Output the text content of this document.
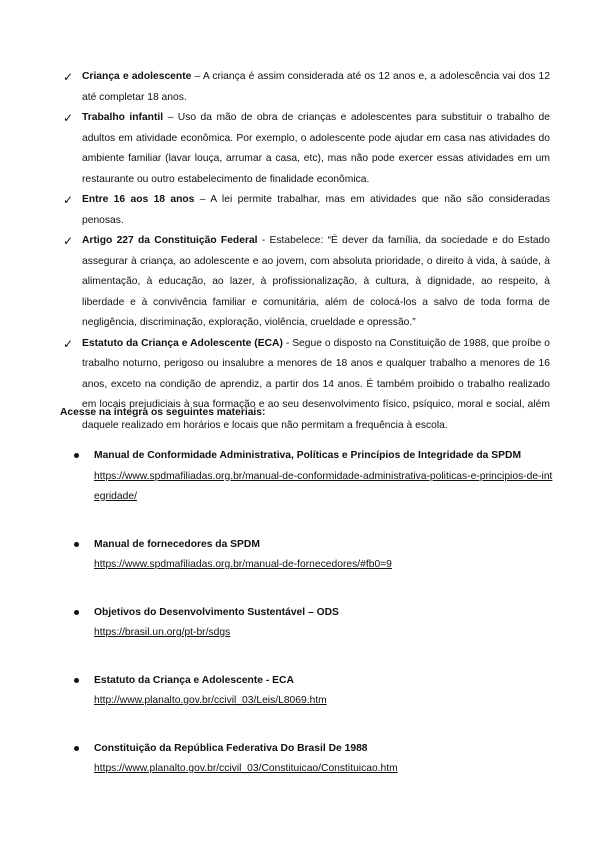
✓ Criança e adolescente – A criança é assim considerada até os 12 anos e, a adolescência vai dos 12 até completar 18 anos.
✓ Trabalho infantil – Uso da mão de obra de crianças e adolescentes para substituir o trabalho de adultos em atividade econômica. Por exemplo, o adolescente pode ajudar em casa nas atividades do ambiente familiar (lavar louça, arrumar a casa, etc), mas não pode exercer essas atividades em um restaurante ou outro estabelecimento de finalidade econômica.
✓ Entre 16 aos 18 anos – A lei permite trabalhar, mas em atividades que não são consideradas penosas.
✓ Artigo 227 da Constituição Federal - Estabelece: “É dever da família, da sociedade e do Estado assegurar à criança, ao adolescente e ao jovem, com absoluta prioridade, o direito à vida, à saúde, à alimentação, à educação, ao lazer, à profissionalização, à cultura, à dignidade, ao respeito, à liberdade e à convivência familiar e comunitária, além de colocá-los a salvo de toda forma de negligência, discriminação, exploração, violência, crueldade e opressão.”
✓ Estatuto da Criança e Adolescente (ECA) - Segue o disposto na Constituição de 1988, que proíbe o trabalho noturno, perigoso ou insalubre a menores de 18 anos e qualquer trabalho a menores de 16 anos, exceto na condição de aprendiz, a partir dos 14 anos. É também proibido o trabalho realizado em locais prejudiciais à sua formação e ao seu desenvolvimento físico, psíquico, moral e social, além daquele realizado em horários e locais que não permitam a frequência à escola.
Acesse na íntegra os seguintes materiais:
Manual de Conformidade Administrativa, Políticas e Princípios de Integridade da SPDM
https://www.spdmafiliadas.org.br/manual-de-conformidade-administrativa-politicas-e-principios-de-integridade/
Manual de fornecedores da SPDM
https://www.spdmafiliadas.org.br/manual-de-fornecedores/#fb0=9
Objetivos do Desenvolvimento Sustentável – ODS
https://brasil.un.org/pt-br/sdgs
Estatuto da Criança e Adolescente - ECA
http://www.planalto.gov.br/ccivil_03/Leis/L8069.htm
Constituição da República Federativa Do Brasil De 1988
https://www.planalto.gov.br/ccivil_03/Constituicao/Constituicao.htm
